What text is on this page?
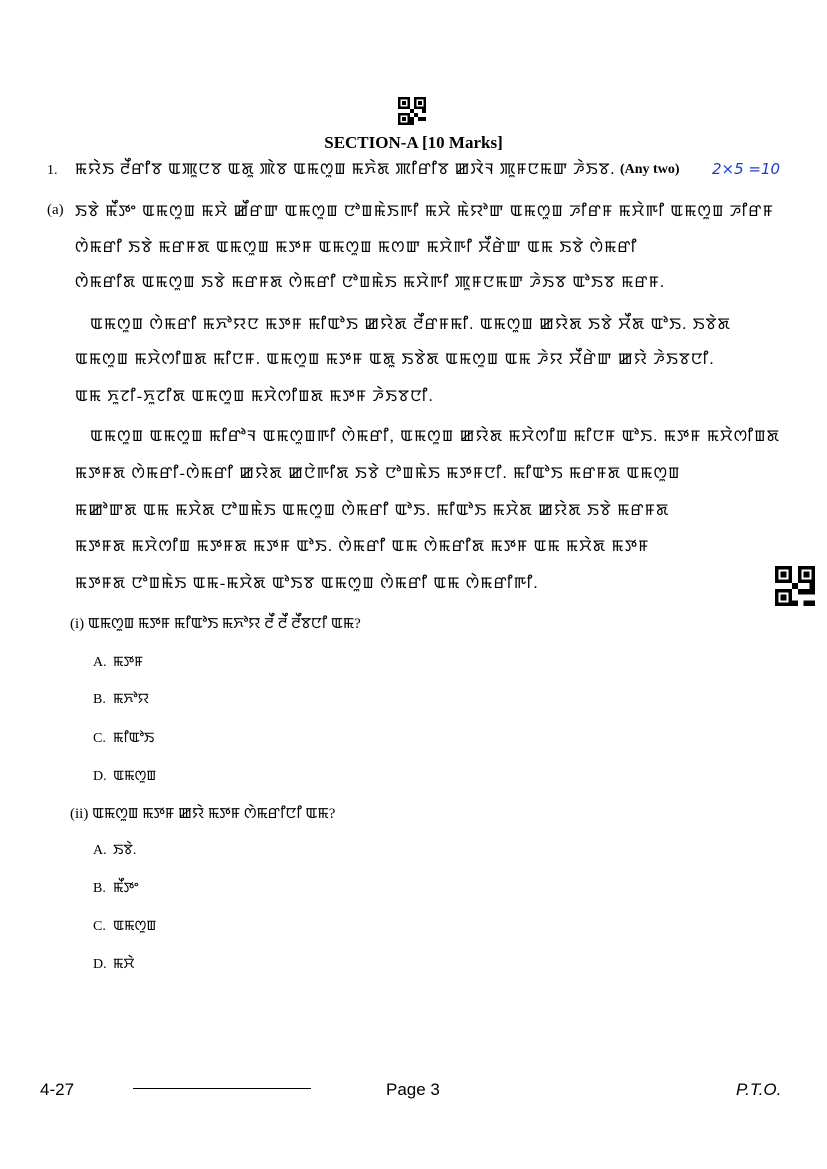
SECTION-A [10 Marks]
1. ꯃꯌꯥꯏ ꯂꯩꯔꯤꯕ ꯑꯄꯨꯅꯕ ꯑꯗꯨ ꯄꯥꯕ ꯑꯃꯁꯨꯡ ꯃꯈꯥꯗ ꯄꯤꯔꯤꯕ ꯀꯋꯥꯜ ꯄꯨꯝꯅꯃꯛ ꯍꯥꯏꯕ. (Any two) 2×5 =10
(a) ꯏꯕꯥ ꯃꯩꯇꯦ ꯑꯃꯁꯨꯡ ꯃꯆꯥ ꯀꯩꯔꯛ ꯑꯃꯁꯨꯡ ꯅꯣꯡꯃꯥꯏꯒꯤ ꯃꯆꯥ ꯃꯥꯌꯣꯛ ꯑꯃꯁꯨꯡ ꯍꯤꯔꯝ ꯃꯆꯥꯒꯤ ꯑꯃꯁꯨꯡ ꯍꯤꯔꯝ
ꯁꯥꯃꯔꯤ ꯏꯕꯥ ꯃꯔꯝꯗ ꯑꯃꯁꯨꯡ ꯃꯇꯝ ꯑꯃꯁꯨꯡ ꯃꯁꯛ ꯃꯆꯥꯒꯤ ꯆꯩꯔꯥꯛ ꯑꯃ ꯏꯕꯥ ꯁꯥꯃꯔꯤ
ꯁꯥꯃꯔꯤꯗ ꯑꯃꯁꯨꯡ ꯏꯕꯥ ꯃꯔꯝꯗ ꯁꯥꯃꯔꯤ ꯅꯣꯡꯃꯥꯏ ꯃꯆꯥꯒꯤ ꯄꯨꯝꯅꯃꯛ ꯍꯥꯏꯕ ꯑꯣꯏꯕ ꯃꯔꯝ.
ꯑꯃꯁꯨꯡ ꯁꯥꯃꯔꯤ ꯃꯈꯣꯌꯅ ꯃꯇꯝ ꯃꯤꯑꯣꯏ ꯀꯌꯥꯗ ꯂꯩꯔꯝꯃꯤ. ꯑꯃꯁꯨꯡ ꯀꯌꯥꯗ ꯏꯕꯥ ꯆꯩꯗ ꯑꯣꯏ. ꯏꯕꯥꯗ
ꯑꯃꯁꯨꯡ ꯃꯆꯥꯁꯤꯡꯗ ꯃꯤꯅꯝ. ꯑꯃꯁꯨꯡ ꯃꯇꯝ ꯑꯗꯨ ꯏꯕꯥꯗ ꯑꯃꯁꯨꯡ ꯑꯃ ꯍꯥꯌ ꯆꯩꯔꯥꯛ ꯀꯌꯥ ꯍꯥꯏꯕꯅꯤ.
ꯑꯃ ꯈꯨꯖꯤ-ꯈꯨꯖꯤꯗ ꯑꯃꯁꯨꯡ ꯃꯆꯥꯁꯤꯡꯗ ꯃꯇꯝ ꯍꯥꯏꯕꯅꯤ.
ꯑꯃꯁꯨꯡ ꯑꯃꯁꯨꯡ ꯃꯤꯔꯣꯜ ꯑꯃꯁꯨꯡꯒꯤ ꯁꯥꯃꯔꯤ, ꯑꯃꯁꯨꯡ ꯀꯌꯥꯗ ꯃꯆꯥꯁꯤꯡ ꯃꯤꯅꯝ ꯑꯣꯏ. ꯃꯇꯝ ꯃꯆꯥꯁꯤꯡꯗ
ꯃꯇꯝꯗ ꯁꯥꯃꯔꯤ-ꯁꯥꯃꯔꯤ ꯀꯌꯥꯗ ꯀꯅꯥꯒꯤꯗ ꯏꯕꯥ ꯅꯣꯡꯃꯥꯏ ꯃꯇꯝꯅꯤ. ꯃꯤꯑꯣꯏ ꯃꯔꯝꯗ ꯑꯃꯁꯨꯡ
ꯃꯀꯣꯛꯗ ꯑꯃ ꯃꯆꯥꯗ ꯅꯣꯡꯃꯥꯏ ꯑꯃꯁꯨꯡ ꯁꯥꯃꯔꯤ ꯑꯣꯏ. ꯃꯤꯑꯣꯏ ꯃꯆꯥꯗ ꯀꯌꯥꯗ ꯏꯕꯥ ꯃꯔꯝꯗ
ꯃꯇꯝꯗ ꯃꯆꯥꯁꯤꯡ ꯃꯇꯝꯗ ꯃꯇꯝ ꯑꯣꯏ. ꯁꯥꯃꯔꯤ ꯑꯃ ꯁꯥꯃꯔꯤꯗ ꯃꯇꯝ ꯑꯃ ꯃꯆꯥꯗ ꯃꯇꯝ
ꯃꯇꯝꯗ ꯅꯣꯡꯃꯥꯏ ꯑꯃ-ꯃꯆꯥꯗ ꯑꯣꯏꯕ ꯑꯃꯁꯨꯡ ꯁꯥꯃꯔꯤ ꯑꯃ ꯁꯥꯃꯔꯤꯒꯤ.
(i) ꯑꯃꯁꯨꯡ ꯃꯇꯝ ꯃꯤꯑꯣꯏ ꯃꯈꯣꯌ ꯂꯩ ꯂꯩ ꯂꯩꯕꯅꯤ ꯑꯃ?
A. ꯃꯇꯝ
B. ꯃꯈꯣꯌ
C. ꯃꯤꯑꯣꯏ
D. ꯑꯃꯁꯨꯡ
(ii) ꯑꯃꯁꯨꯡ ꯃꯇꯝ ꯀꯌꯥ ꯃꯇꯝ ꯁꯥꯃꯔꯤꯅꯤ ꯑꯃ?
A. ꯏꯕꯥ.
B. ꯃꯩꯇꯦ
C. ꯑꯃꯁꯨꯡ
D. ꯃꯆꯥ
4-27	Page 3	P.T.O.
